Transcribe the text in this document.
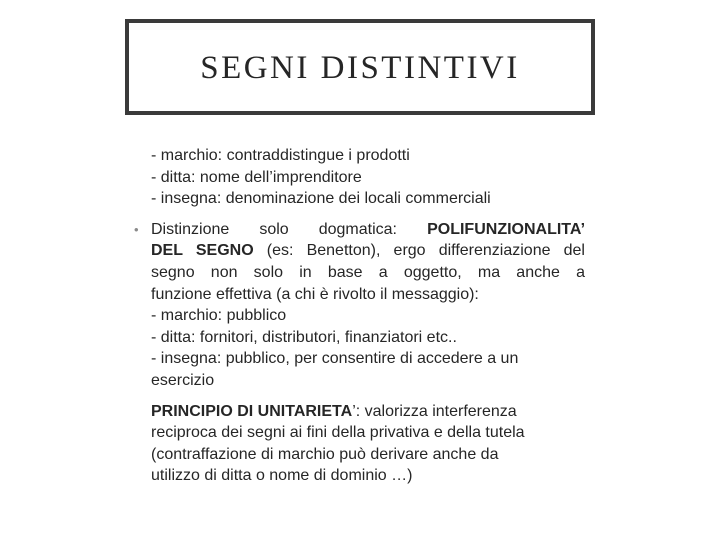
SEGNI DISTINTIVI
- marchio: contraddistingue i prodotti
- ditta: nome dell’imprenditore
- insegna: denominazione dei locali commerciali
• Distinzione solo dogmatica: POLIFUNZIONALITA’
DEL SEGNO (es: Benetton), ergo differenziazione del
segno non solo in base a oggetto, ma anche a
funzione effettiva (a chi è rivolto il messaggio):
- marchio: pubblico
- ditta: fornitori, distributori, finanziatori etc..
- insegna: pubblico, per consentire di accedere a un
esercizio
PRINCIPIO DI UNITARIETA’: valorizza interferenza
reciproca dei segni ai fini della privativa e della tutela
(contraffazione di marchio può derivare anche da
utilizzo di ditta o nome di dominio …)
